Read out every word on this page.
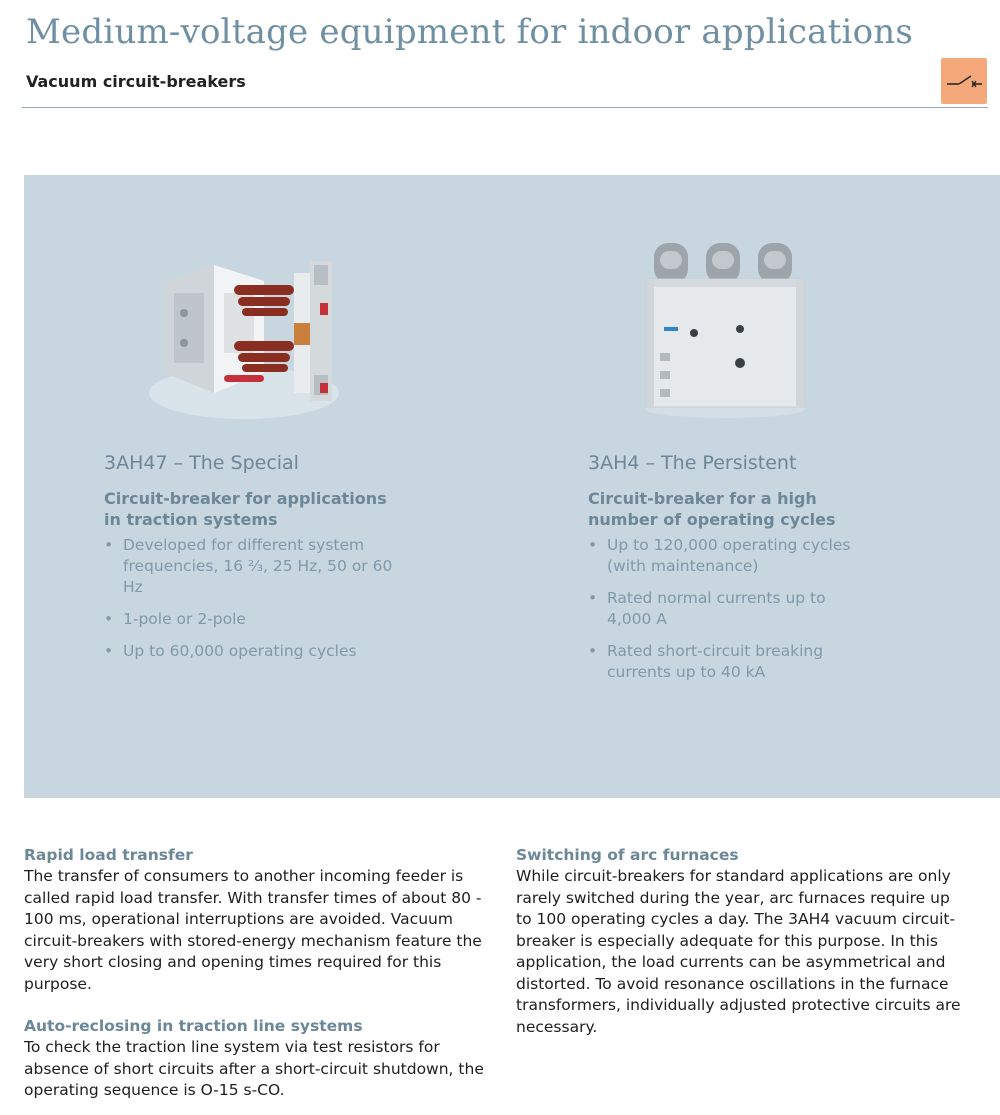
Medium-voltage equipment for indoor applications
Vacuum circuit-breakers
3AH47 – The Special

Circuit-breaker for applications in traction systems

• Developed for different system frequencies, 16 ⅔, 25 Hz, 50 or 60 Hz
• 1-pole or 2-pole
• Up to 60,000 operating cycles
3AH4 – The Persistent

Circuit-breaker for a high number of operating cycles

• Up to 120,000 operating cycles (with maintenance)
• Rated normal currents up to 4,000 A
• Rated short-circuit breaking currents up to 40 kA
Rapid load transfer

The transfer of consumers to another incoming feeder is called rapid load transfer. With transfer times of about 80 - 100 ms, operational interruptions are avoided. Vacuum circuit-breakers with stored-energy mechanism feature the very short closing and opening times required for this purpose.

Auto-reclosing in traction line systems

To check the traction line system via test resistors for absence of short circuits after a short-circuit shutdown, the operating sequence is O-15 s-CO.

Switching of arc furnaces

While circuit-breakers for standard applications are only rarely switched during the year, arc furnaces require up to 100 operating cycles a day. The 3AH4 vacuum circuit-breaker is especially adequate for this purpose. In this application, the load currents can be asymmetrical and distorted. To avoid resonance oscillations in the furnace transformers, individually adjusted protective circuits are necessary.
